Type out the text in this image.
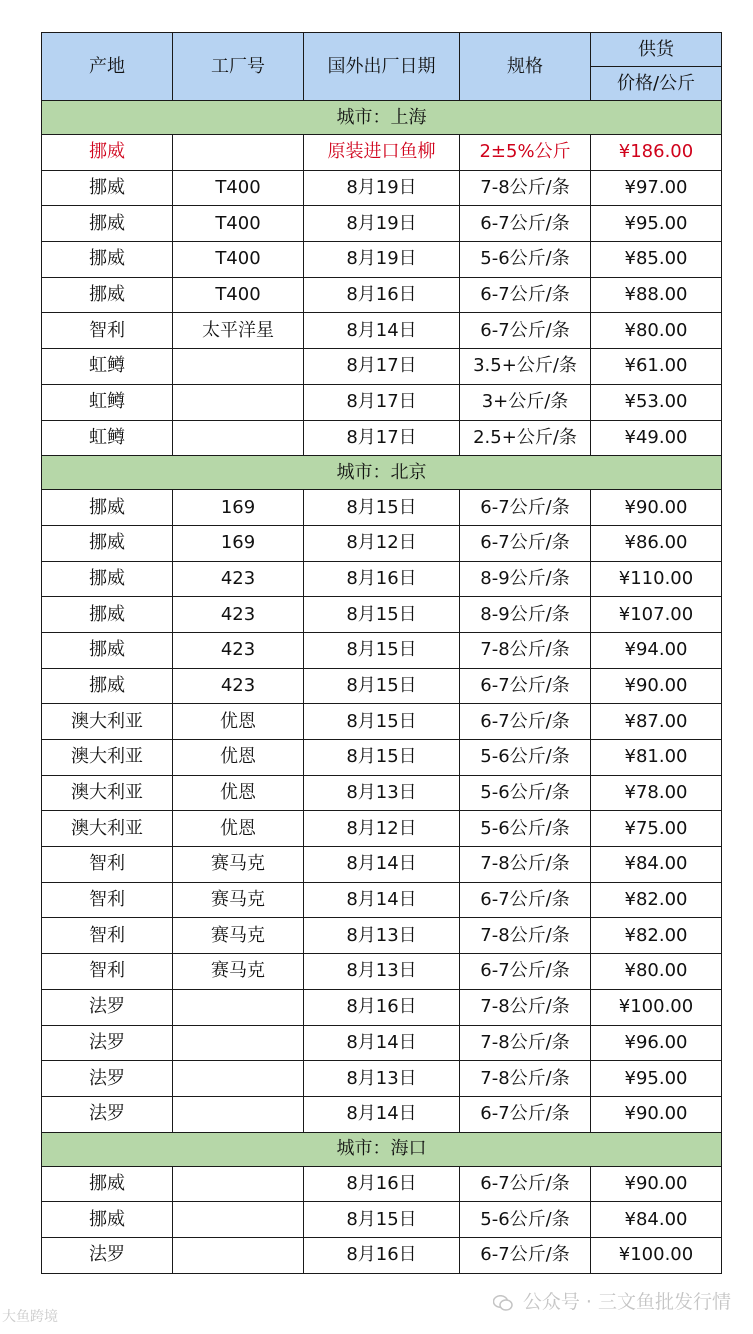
产地	工厂号	国外出厂日期	规格	供货
				价格/公斤
城市：上海				
挪威		原装进口鱼柳	2±5%公斤	¥186.00
挪威	T400	8月19日	7-8公斤/条	¥97.00
挪威	T400	8月19日	6-7公斤/条	¥95.00
挪威	T400	8月19日	5-6公斤/条	¥85.00
挪威	T400	8月16日	6-7公斤/条	¥88.00
智利	太平洋星	8月14日	6-7公斤/条	¥80.00
虹鳟		8月17日	3.5+公斤/条	¥61.00
虹鳟		8月17日	3+公斤/条	¥53.00
虹鳟		8月17日	2.5+公斤/条	¥49.00
城市：北京				
挪威	169	8月15日	6-7公斤/条	¥90.00
挪威	169	8月12日	6-7公斤/条	¥86.00
挪威	423	8月16日	8-9公斤/条	¥110.00
挪威	423	8月15日	8-9公斤/条	¥107.00
挪威	423	8月15日	7-8公斤/条	¥94.00
挪威	423	8月15日	6-7公斤/条	¥90.00
澳大利亚	优恩	8月15日	6-7公斤/条	¥87.00
澳大利亚	优恩	8月15日	5-6公斤/条	¥81.00
澳大利亚	优恩	8月13日	5-6公斤/条	¥78.00
澳大利亚	优恩	8月12日	5-6公斤/条	¥75.00
智利	赛马克	8月14日	7-8公斤/条	¥84.00
智利	赛马克	8月14日	6-7公斤/条	¥82.00
智利	赛马克	8月13日	7-8公斤/条	¥82.00
智利	赛马克	8月13日	6-7公斤/条	¥80.00
法罗		8月16日	7-8公斤/条	¥100.00
法罗		8月14日	7-8公斤/条	¥96.00
法罗		8月13日	7-8公斤/条	¥95.00
法罗		8月14日	6-7公斤/条	¥90.00
城市：海口				
挪威		8月16日	6-7公斤/条	¥90.00
挪威		8月15日	5-6公斤/条	¥84.00
法罗		8月16日	6-7公斤/条	¥100.00
大鱼跨境
公众号 · 三文鱼批发行情
